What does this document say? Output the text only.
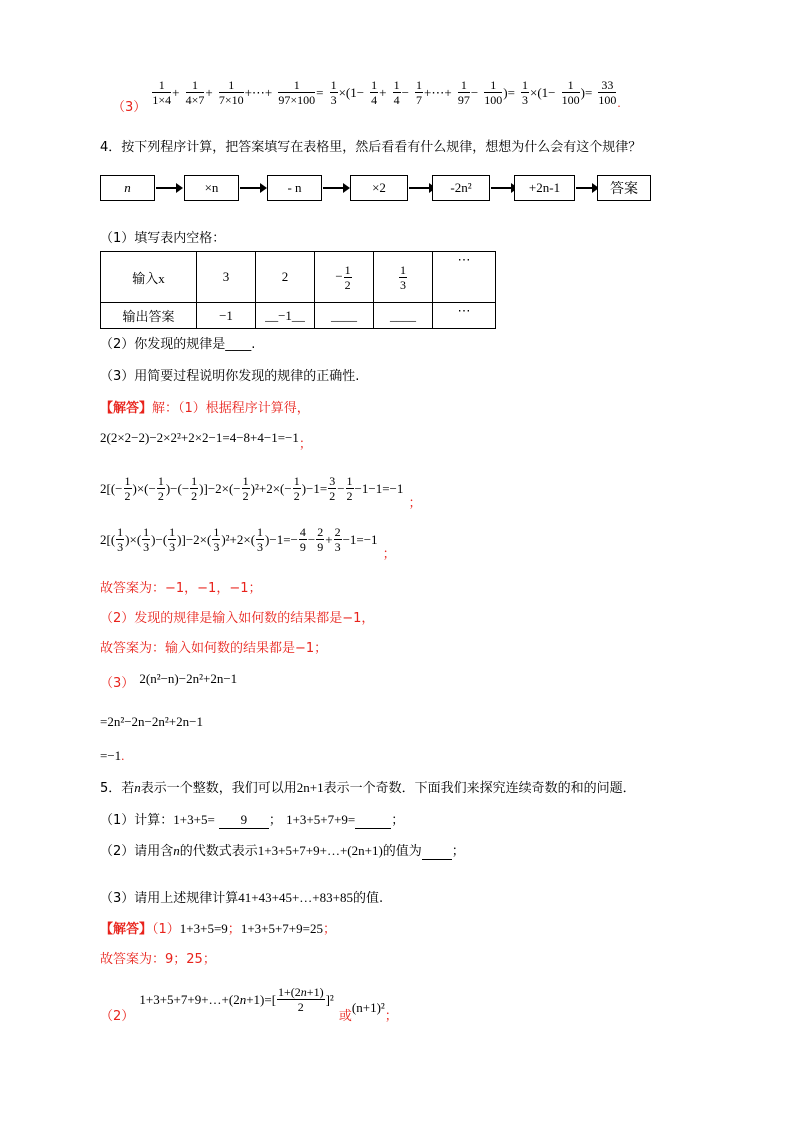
$_{(3)}$
$\frac{1}{1\times 4} + \frac{1}{4\times 7} + \frac{1}{7\times 10}$ +⋯+ $\frac{1}{97\times 100} = \frac{1}{3} \times(1- \frac{1}{4} + \frac{1}{4} - \frac{1}{7}$ +⋯+ $\frac{1}{97} - \frac{1}{100}$ )= $\frac{1}{3} \times(1- \frac{1}{100}$ )= $\frac{33}{100} _.$
4．按下列程序计算，把答案填写在表格里，然后看看有什么规律，想想为什么会有这个规律？
n	×n	- n	×2	-2n²	+2n-1	答案
（1）填写表内空格：
输入x	3	2	− $\frac{1}{2}$	$\frac{1}{3}$	⋯
输出答案	−1	__−1__	____	____	⋯
（2）你发现的规律是____.
（3）用简要过程说明你发现的规律的正确性.
【解答】解：（1）根据程序计算得，
$2(2\times 2-2)-2\times 2^2+2\times 2-1=4-8+4-1=-1_;$
$2[(- \frac{1}{2}$ )×(− $\frac{1}{2}$ )−(− $\frac{1}{2} )]-2\times(- \frac{1}{2} )^2+2\times(- \frac{1}{2} )-1= \frac{3}{2} - \frac{1}{2} -1-1=-1$ $_;$
$2[( \frac{1}{3}$ )×( $\frac{1}{3}$ )−( $\frac{1}{3} )]-2\times( \frac{1}{3} )^2+2\times( \frac{1}{3} )-1=- \frac{4}{9} - \frac{2}{9} + \frac{2}{3} -1=-1$ $_;$
故答案为：−1，−1，−1；
（2）发现的规律是输入如何数的结果都是−1，
故答案为：输入如何数的结果都是−1；
$_{(3)}$ 2(n²−n)−2n²+2n−1
=2n²−2n−2n²+2n−1
=−1.
5．若n表示一个整数，我们可以用2n+1表示一个奇数．下面我们来探究连续奇数的和的问题．
（1）计算：1+3+5= 9 ； 1+3+5+7+9=	；
（2）请用含n的代数式表示1+3+5+7+9+…+(2n+1)的值为 ；
（3）请用上述规律计算41+43+45+…+83+85的值.
【解答】（1）1+3+5=9；1+3+5+7+9=25；
故答案为：9；25；
$_{(2)}$ 1+3+5+7+9+…+(2n+1)=[ $\frac{1+(2n+1)}{2} ]^2$ $_{或(n+1)^2;}$
